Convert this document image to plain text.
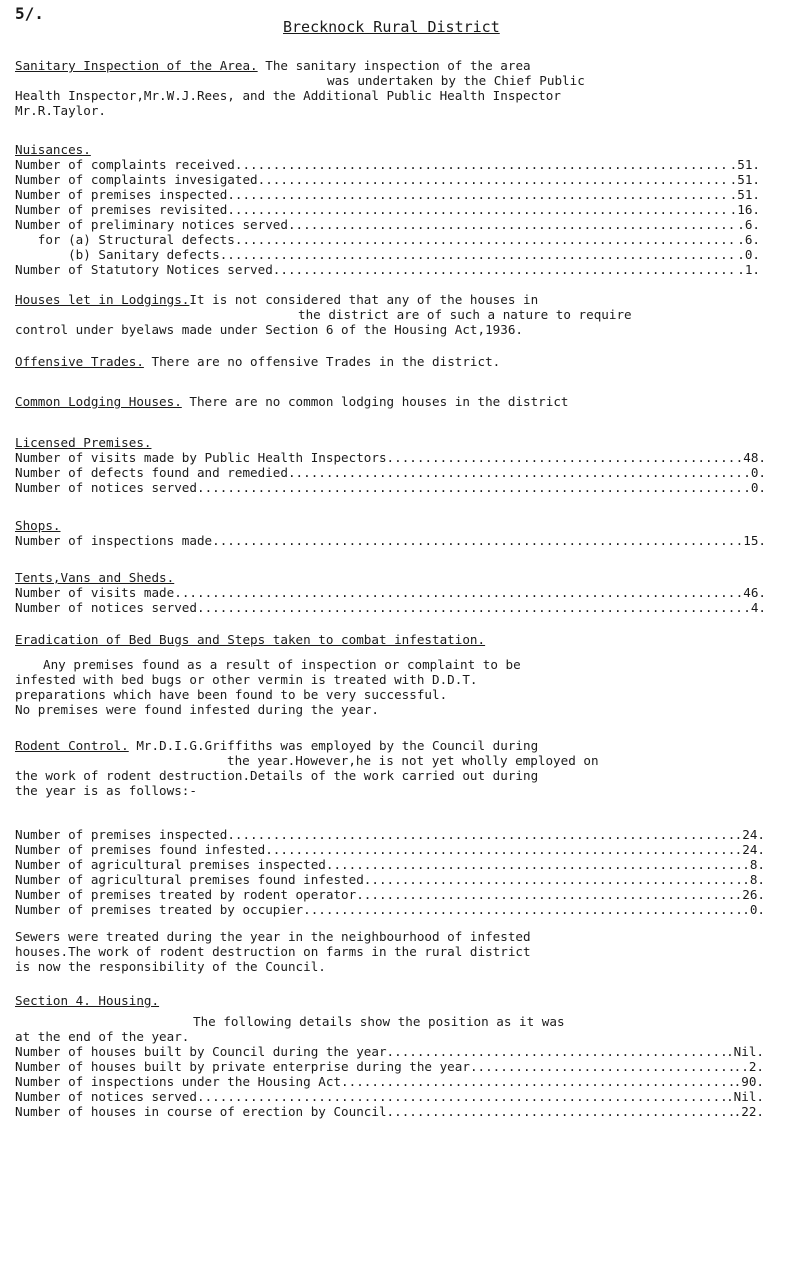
5/.
Brecknock Rural District

Sanitary Inspection of the Area. The sanitary inspection of the area

was undertaken by the Chief Public

Health Inspector,Mr.W.J.Rees, and the Additional Public Health Inspector

Mr.R.Taylor.

Nuisances.

Number of complaints received .....	.51.
Number of complaints invesigated .....	.51.
Number of premises inspected .....	.51.
Number of premises revisited .....	.16.
Number of preliminary notices served .....	.6.
for (a) Structural defects .....	.6.
(b) Sanitary defects .....	.0.
Number of Statutory Notices served .....	.1.

Houses let in Lodgings.It is not considered that any of the houses in

the district are of such a nature to require

control under byelaws made under Section 6 of the Housing Act,1936.

Offensive Trades. There are no offensive Trades in the district.

Common Lodging Houses. There are no common lodging houses in the district

Licensed Premises.

Number of visits made by Public Health Inspectors .....	.48.
Number of defects found and remedied .....	.0.
Number of notices served .....	.0.

Shops.

Number of inspections made .....	.15.

Tents,Vans and Sheds.

Number of visits made .....	.46.
Number of notices served .....	.4.

Eradication of Bed Bugs and Steps taken to combat infestation.

Any premises found as a result of inspection or complaint to be

infested with bed bugs or other vermin is treated with D.D.T.

preparations which have been found to be very successful.

No premises were found infested during the year.

Rodent Control. Mr.D.I.G.Griffiths was employed by the Council during

the year.However,he is not yet wholly employed on

the work of rodent destruction.Details of the work carried out during

the year is as follows:-

Number of premises inspected .....	.24.
Number of premises found infested .....	.24.
Number of agricultural premises inspected .....	.8.
Number of agricultural premises found infested .....	.8.
Number of premises treated by rodent operator .....	.26.
Number of premises treated by occupier .....	.0.

Sewers were treated during the year in the neighbourhood of infested

houses.The work of rodent destruction on farms in the rural district

is now the responsibility of the Council.

Section 4. Housing.

The following details show the position as it was

at the end of the year.

Number of houses built by Council during the year .....	.Nil.
Number of houses built by private enterprise during the year .....	..2.
Number of inspections under the Housing Act .....	.90.
Number of notices served .....	.Nil.
Number of houses in course of erection by Council .....	.22.
